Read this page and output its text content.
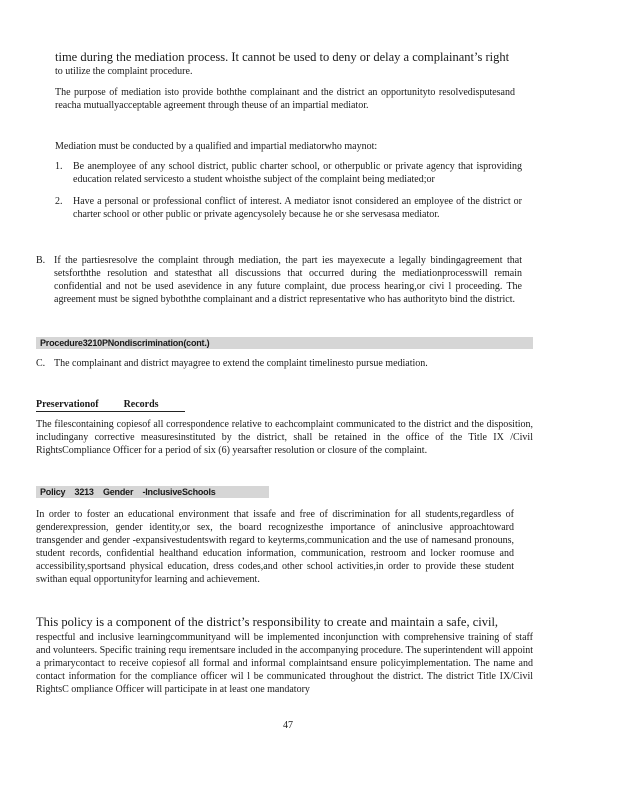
time during the mediation process. It cannot be used to deny or delay a complainant’s right

to utilize the complaint procedure.

The purpose of mediation isto provide boththe complainant and the district an opportunityto resolvedisputesand reacha mutuallyacceptable agreement through theuse of an impartial mediator.

Mediation must be conducted by a qualified and impartial mediatorwho maynot:

1.	Be anemployee of any school district, public charter school, or otherpublic or private agency that isproviding education related servicesto a student whoisthe subject of the complaint being mediated;or
2.	Have a personal or professional conflict of interest. A mediator isnot considered an employee of the district or charter school or other public or private agencysolely because he or she servesasa mediator.
B. If the partiesresolve the complaint through mediation, the part ies mayexecute a legally bindingagreement that setsforththe resolution and statesthat all discussions that occurred during the mediationprocesswill remain confidential and not be used asevidence in any future complaint, due process hearing,or civi l proceeding. The agreement must be signed byboththe complainant and a district representative who has authorityto bind the district.
Procedure3210PNondiscrimination(cont.)
C. The complainant and district mayagree to extend the complaint timelinesto pursue mediation.
Preservationof          Records

The filescontaining copiesof all correspondence relative to eachcomplaint communicated to the district and the disposition, includingany corrective measuresinstituted by the district, shall be retained in the office of the Title IX /Civil RightsCompliance Officer for a period of six (6) yearsafter resolution or closure of the complaint.

Policy    3213    Gender    -InclusiveSchools

In order to foster an educational environment that issafe and free of discrimination for all students,regardless of genderexpression, gender identity,or sex, the board recognizesthe importance of aninclusive approachtoward transgender and gender -expansivestudentswith regard to keyterms,communication and the use of namesand pronouns, student records, confidential healthand education information, communication, restroom and locker roomuse and accessibility,sportsand physical education, dress codes,and other school activities,in order to provide these student swithan equal opportunityfor learning and achievement.

This policy is a component of the district’s responsibility to create and maintain a safe, civil,

respectful and inclusive learningcommunityand will be implemented inconjunction with comprehensive training of staff and volunteers. Specific training requ irementsare included in the accompanying procedure. The superintendent will appoint a primarycontact to receive copiesof all formal and informal complaintsand ensure policyimplementation. The name and contact information for the compliance officer wil l be communicated throughout the district. The district Title IX/Civil RightsC ompliance Officer will participate in at least one mandatory

47
